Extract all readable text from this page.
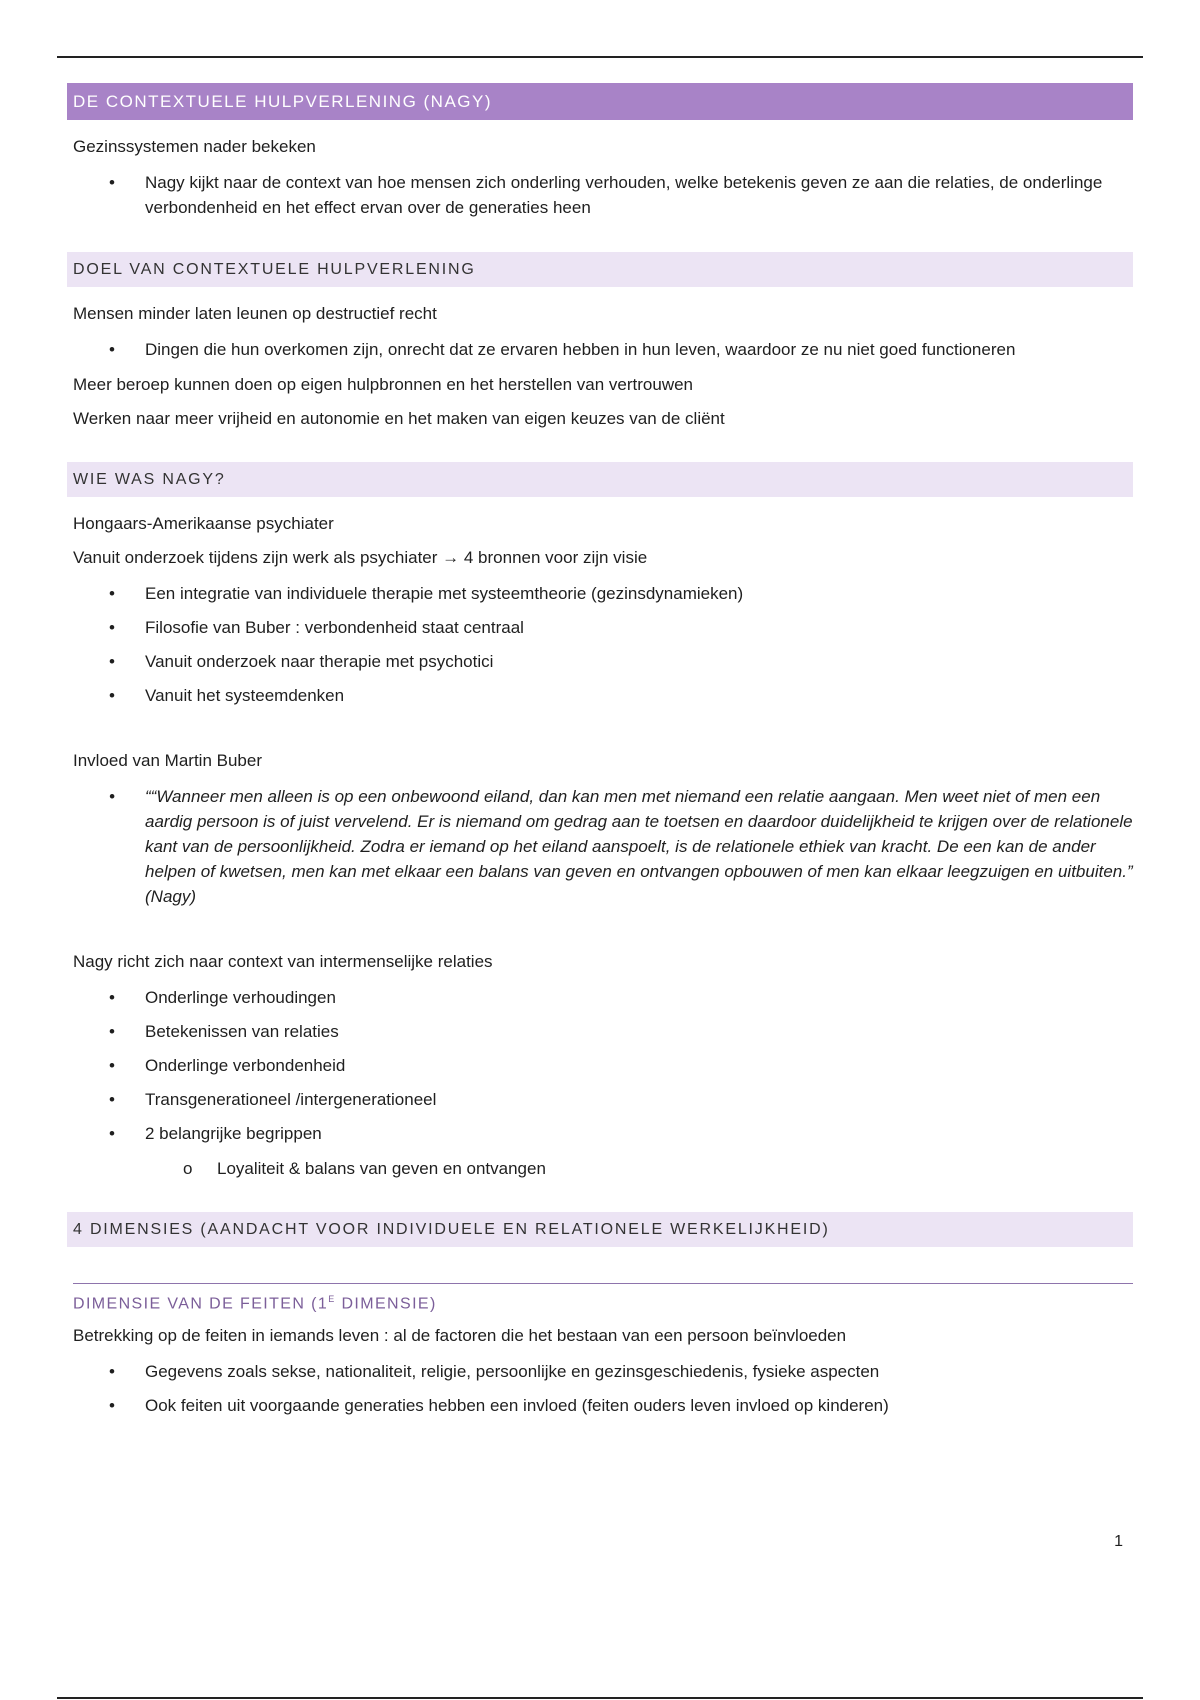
DE CONTEXTUELE HULPVERLENING (NAGY)

Gezinssystemen nader bekeken

• Nagy kijkt naar de context van hoe mensen zich onderling verhouden, welke betekenis geven ze aan die relaties, de onderlinge verbondenheid en het effect ervan over de generaties heen
DOEL VAN CONTEXTUELE HULPVERLENING

Mensen minder laten leunen op destructief recht

• Dingen die hun overkomen zijn, onrecht dat ze ervaren hebben in hun leven, waardoor ze nu niet goed functioneren

Meer beroep kunnen doen op eigen hulpbronnen en het herstellen van vertrouwen

Werken naar meer vrijheid en autonomie en het maken van eigen keuzes van de cliënt

WIE WAS NAGY?

Hongaars-Amerikaanse psychiater

Vanuit onderzoek tijdens zijn werk als psychiater → 4 bronnen voor zijn visie

• Een integratie van individuele therapie met systeemtheorie (gezinsdynamieken)
• Filosofie van Buber : verbondenheid staat centraal
• Vanuit onderzoek naar therapie met psychotici
• Vanuit het systeemdenken

Invloed van Martin Buber

• ““Wanneer men alleen is op een onbewoond eiland, dan kan men met niemand een relatie aangaan. Men weet niet of men een aardig persoon is of juist vervelend. Er is niemand om gedrag aan te toetsen en daardoor duidelijkheid te krijgen over de relationele kant van de persoonlijkheid. Zodra er iemand op het eiland aanspoelt, is de relationele ethiek van kracht. De een kan de ander helpen of kwetsen, men kan met elkaar een balans van geven en ontvangen opbouwen of men kan elkaar leegzuigen en uitbuiten.” (Nagy)

Nagy richt zich naar context van intermenselijke relaties

• Onderlinge verhoudingen
• Betekenissen van relaties
• Onderlinge verbondenheid
• Transgenerationeel /intergenerationeel
• 2 belangrijke begrippen
o Loyaliteit & balans van geven en ontvangen
4 DIMENSIES (AANDACHT VOOR INDIVIDUELE EN RELATIONELE WERKELIJKHEID)
DIMENSIE VAN DE FEITEN ($1^E$ DIMENSIE)

Betrekking op de feiten in iemands leven : al de factoren die het bestaan van een persoon beïnvloeden

• Gegevens zoals sekse, nationaliteit, religie, persoonlijke en gezinsgeschiedenis, fysieke aspecten
• Ook feiten uit voorgaande generaties hebben een invloed (feiten ouders leven invloed op kinderen)
1
